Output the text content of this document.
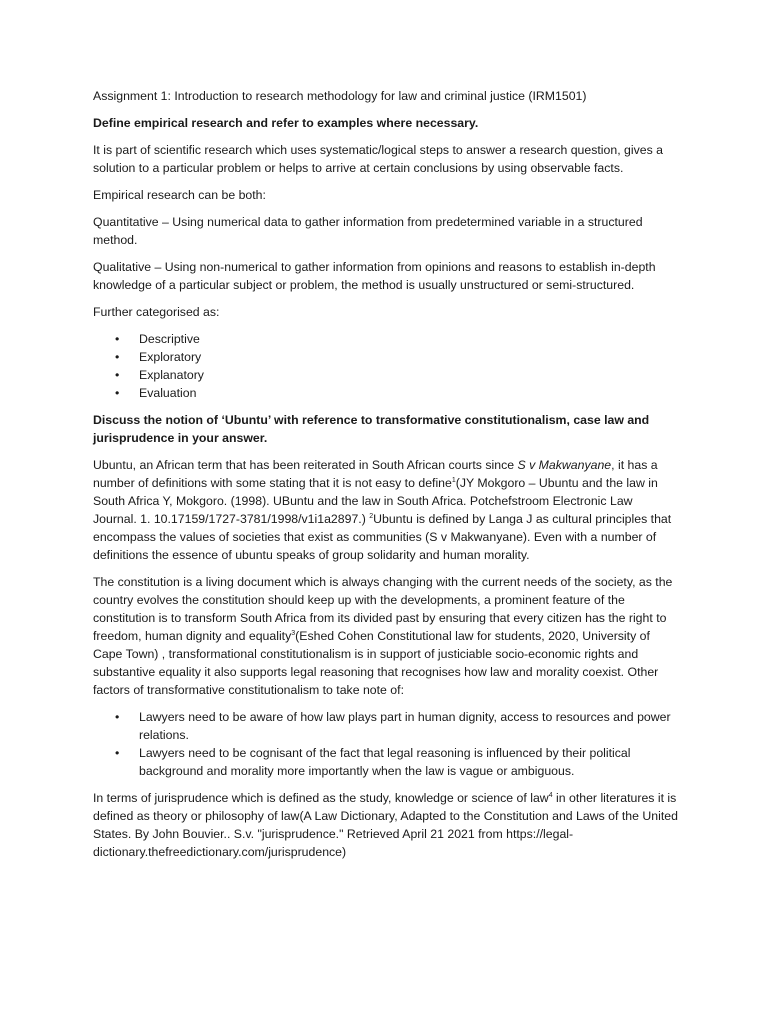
Assignment 1: Introduction to research methodology for law and criminal justice (IRM1501)

Define empirical research and refer to examples where necessary.

It is part of scientific research which uses systematic/logical steps to answer a research question, gives a solution to a particular problem or helps to arrive at certain conclusions by using observable facts.

Empirical research can be both:

Quantitative – Using numerical data to gather information from predetermined variable in a structured method.

Qualitative – Using non-numerical to gather information from opinions and reasons to establish in-depth knowledge of a particular subject or problem, the method is usually unstructured or semi-structured.

Further categorised as:

• Descriptive
• Exploratory
• Explanatory
• Evaluation

Discuss the notion of ‘Ubuntu’ with reference to transformative constitutionalism, case law and jurisprudence in your answer.

Ubuntu, an African term that has been reiterated in South African courts since S v Makwanyane, it has a number of definitions with some stating that it is not easy to define$^1$(JY Mokgoro – Ubuntu and the law in South Africa Y, Mokgoro. (1998). UBuntu and the law in South Africa. Potchefstroom Electronic Law Journal. 1. 10.17159/1727-3781/1998/v1i1a2897.) $^2$Ubuntu is defined by Langa J as cultural principles that encompass the values of societies that exist as communities (S v Makwanyane). Even with a number of definitions the essence of ubuntu speaks of group solidarity and human morality.

The constitution is a living document which is always changing with the current needs of the society, as the country evolves the constitution should keep up with the developments, a prominent feature of the constitution is to transform South Africa from its divided past by ensuring that every citizen has the right to freedom, human dignity and equality$^3$(Eshed Cohen Constitutional law for students, 2020, University of Cape Town) , transformational constitutionalism is in support of justiciable socio-economic rights and substantive equality it also supports legal reasoning that recognises how law and morality coexist. Other factors of transformative constitutionalism to take note of:

• Lawyers need to be aware of how law plays part in human dignity, access to resources and power relations.
• Lawyers need to be cognisant of the fact that legal reasoning is influenced by their political background and morality more importantly when the law is vague or ambiguous.

In terms of jurisprudence which is defined as the study, knowledge or science of law$^4$ in other literatures it is defined as theory or philosophy of law(A Law Dictionary, Adapted to the Constitution and Laws of the United States. By John Bouvier.. S.v. "jurisprudence." Retrieved April 21 2021 from https://legal-dictionary.thefreedictionary.com/jurisprudence)
